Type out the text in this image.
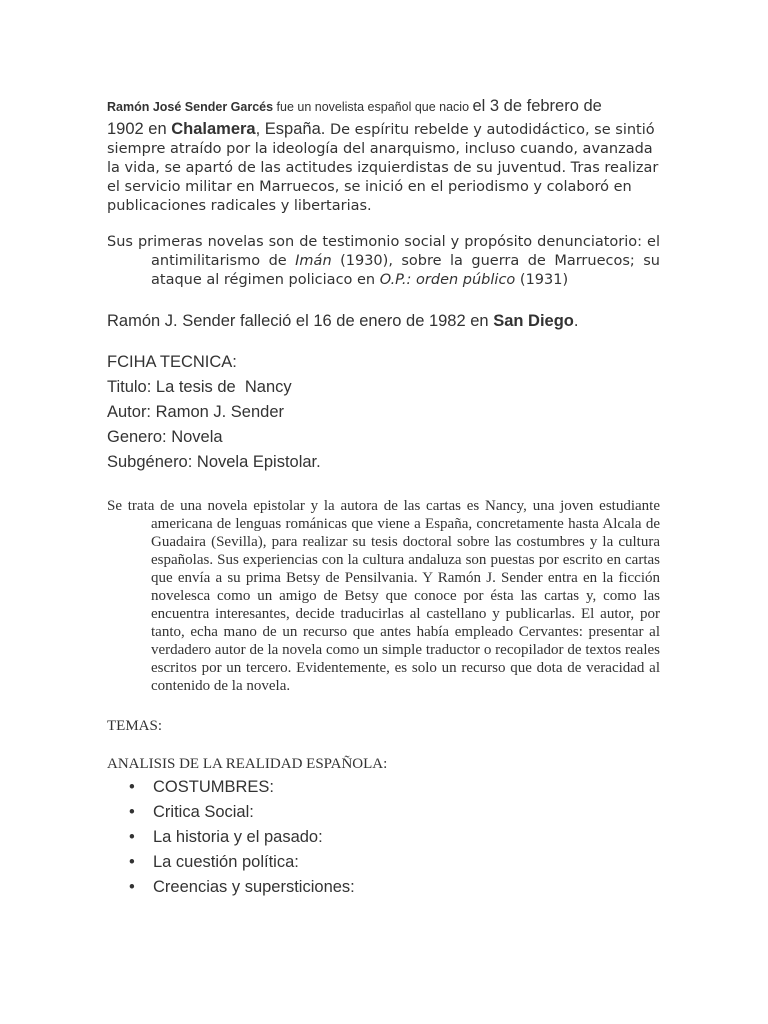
Ramón José Sender Garcés fue un novelista español que nacio el 3 de febrero de
1902 en Chalamera, España. De espíritu rebelde y autodidáctico, se sintió siempre atraído por la ideología del anarquismo, incluso cuando, avanzada la vida, se apartó de las actitudes izquierdistas de su juventud. Tras realizar el servicio militar en Marruecos, se inició en el periodismo y colaboró en publicaciones radicales y libertarias.

Sus primeras novelas son de testimonio social y propósito denunciatorio: el antimilitarismo de Imán (1930), sobre la guerra de Marruecos; su ataque al régimen policiaco en O.P.: orden público (1931)

Ramón J. Sender falleció el 16 de enero de 1982 en San Diego.

FCIHA TECNICA:
Titulo: La tesis de  Nancy
Autor: Ramon J. Sender
Genero: Novela
Subgénero: Novela Epistolar.

Se trata de una novela epistolar y la autora de las cartas es Nancy, una joven estudiante americana de lenguas románicas que viene a España, concretamente hasta Alcala de Guadaira (Sevilla), para realizar su tesis doctoral sobre las costumbres y la cultura españolas. Sus experiencias con la cultura andaluza son puestas por escrito en cartas que envía a su prima Betsy de Pensilvania. Y Ramón J. Sender entra en la ficción novelesca como un amigo de Betsy que conoce por ésta las cartas y, como las encuentra interesantes, decide traducirlas al castellano y publicarlas. El autor, por tanto, echa mano de un recurso que antes había empleado Cervantes: presentar al verdadero autor de la novela como un simple traductor o recopilador de textos reales escritos por un tercero. Evidentemente, es solo un recurso que dota de veracidad al contenido de la novela.

TEMAS:

ANALISIS DE LA REALIDAD ESPAÑOLA:

• COSTUMBRES:
• Critica Social:
• La historia y el pasado:
• La cuestión política:
• Creencias y supersticiones:
